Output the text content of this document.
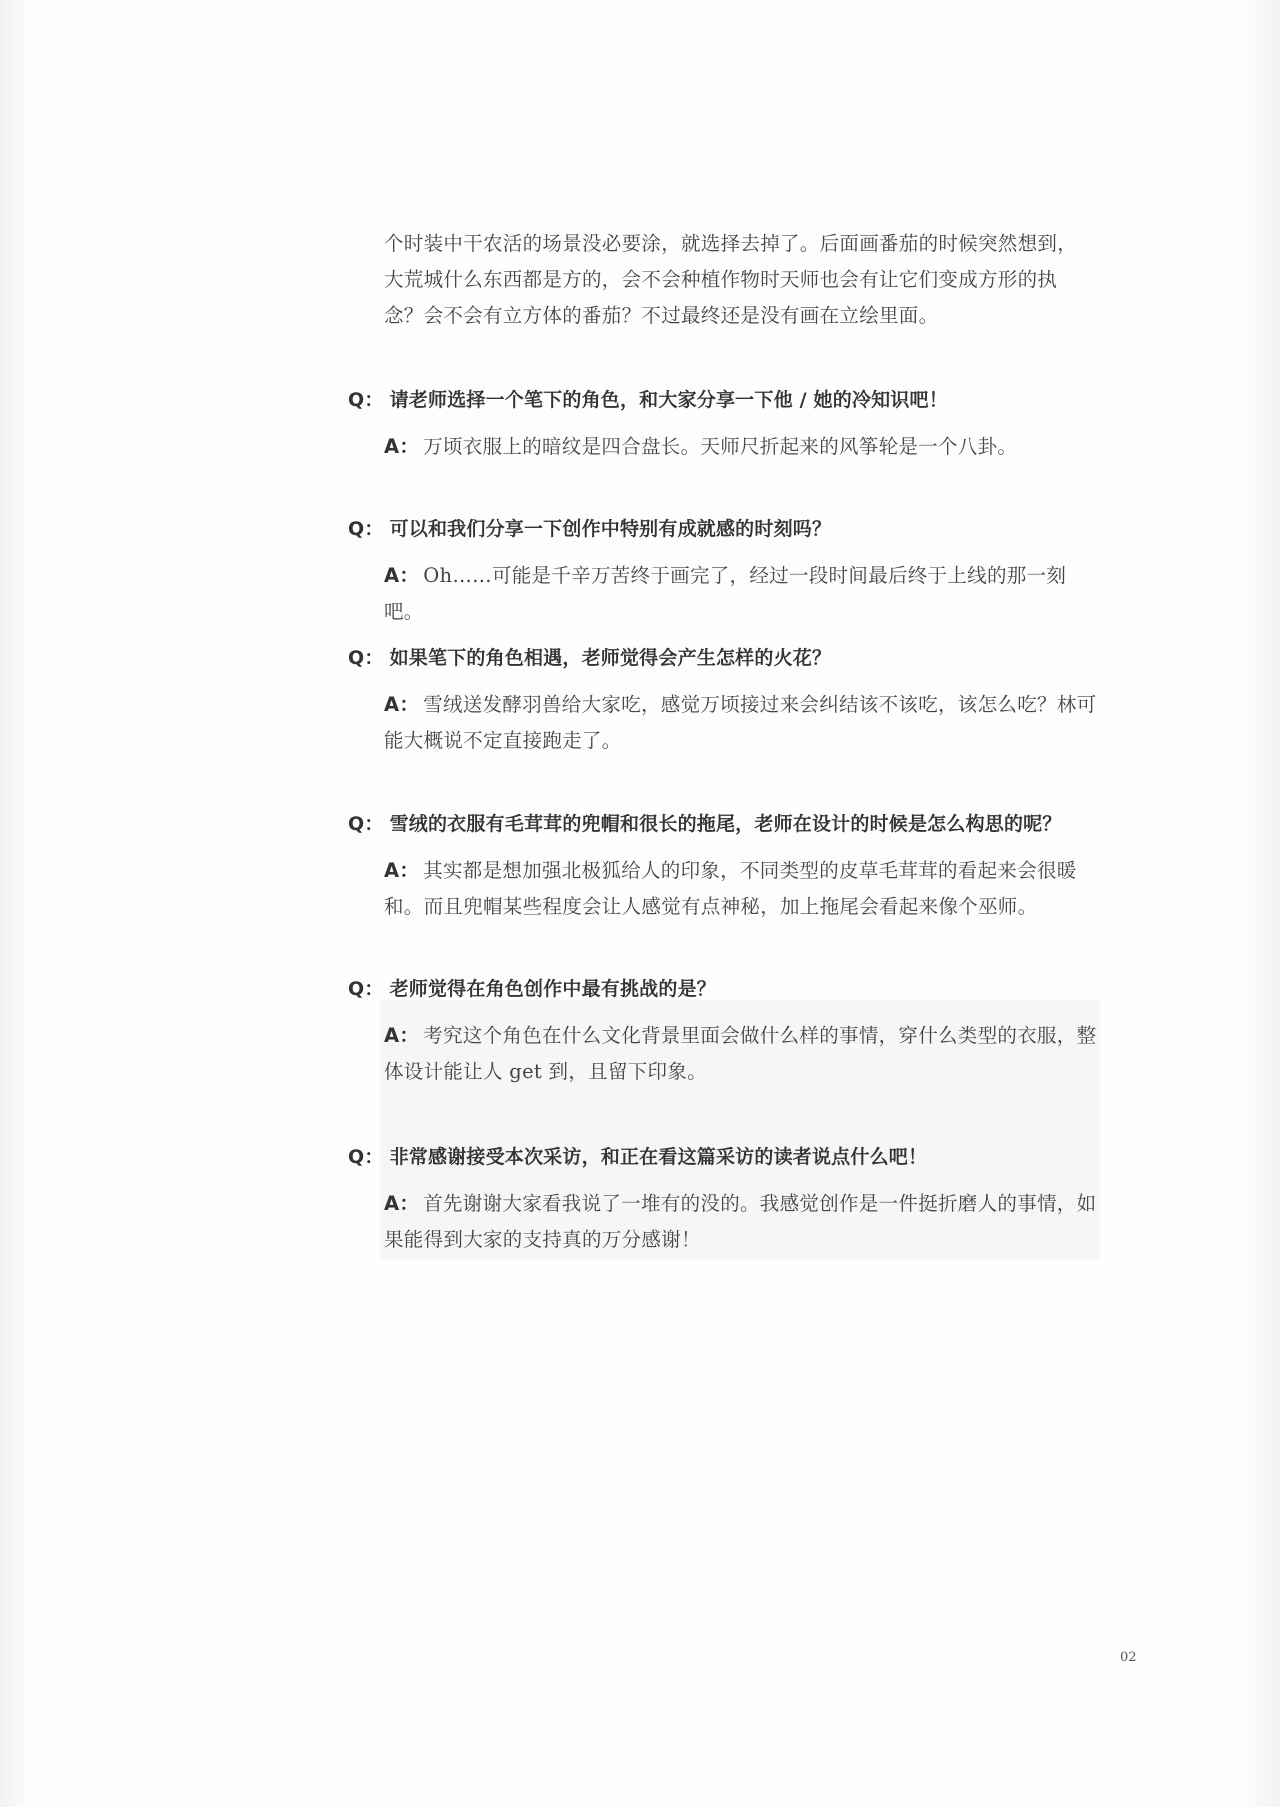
个时装中干农活的场景没必要涂，就选择去掉了。后面画番茄的时候突然想到，大荒城什么东西都是方的，会不会种植作物时天师也会有让它们变成方形的执念？会不会有立方体的番茄？不过最终还是没有画在立绘里面。

Q： 请老师选择一个笔下的角色，和大家分享一下他 / 她的冷知识吧！

A： 万顷衣服上的暗纹是四合盘长。天师尺折起来的风筝轮是一个八卦。

Q： 可以和我们分享一下创作中特别有成就感的时刻吗？

A： Oh……可能是千辛万苦终于画完了，经过一段时间最后终于上线的那一刻吧。

Q： 如果笔下的角色相遇，老师觉得会产生怎样的火花？

A： 雪绒送发酵羽兽给大家吃，感觉万顷接过来会纠结该不该吃，该怎么吃？林可能大概说不定直接跑走了。

Q： 雪绒的衣服有毛茸茸的兜帽和很长的拖尾，老师在设计的时候是怎么构思的呢？

A： 其实都是想加强北极狐给人的印象，不同类型的皮草毛茸茸的看起来会很暖和。而且兜帽某些程度会让人感觉有点神秘，加上拖尾会看起来像个巫师。

Q： 老师觉得在角色创作中最有挑战的是？

A： 考究这个角色在什么文化背景里面会做什么样的事情，穿什么类型的衣服，整体设计能让人 get 到，且留下印象。

Q： 非常感谢接受本次采访，和正在看这篇采访的读者说点什么吧！

A： 首先谢谢大家看我说了一堆有的没的。我感觉创作是一件挺折磨人的事情，如果能得到大家的支持真的万分感谢！
02
